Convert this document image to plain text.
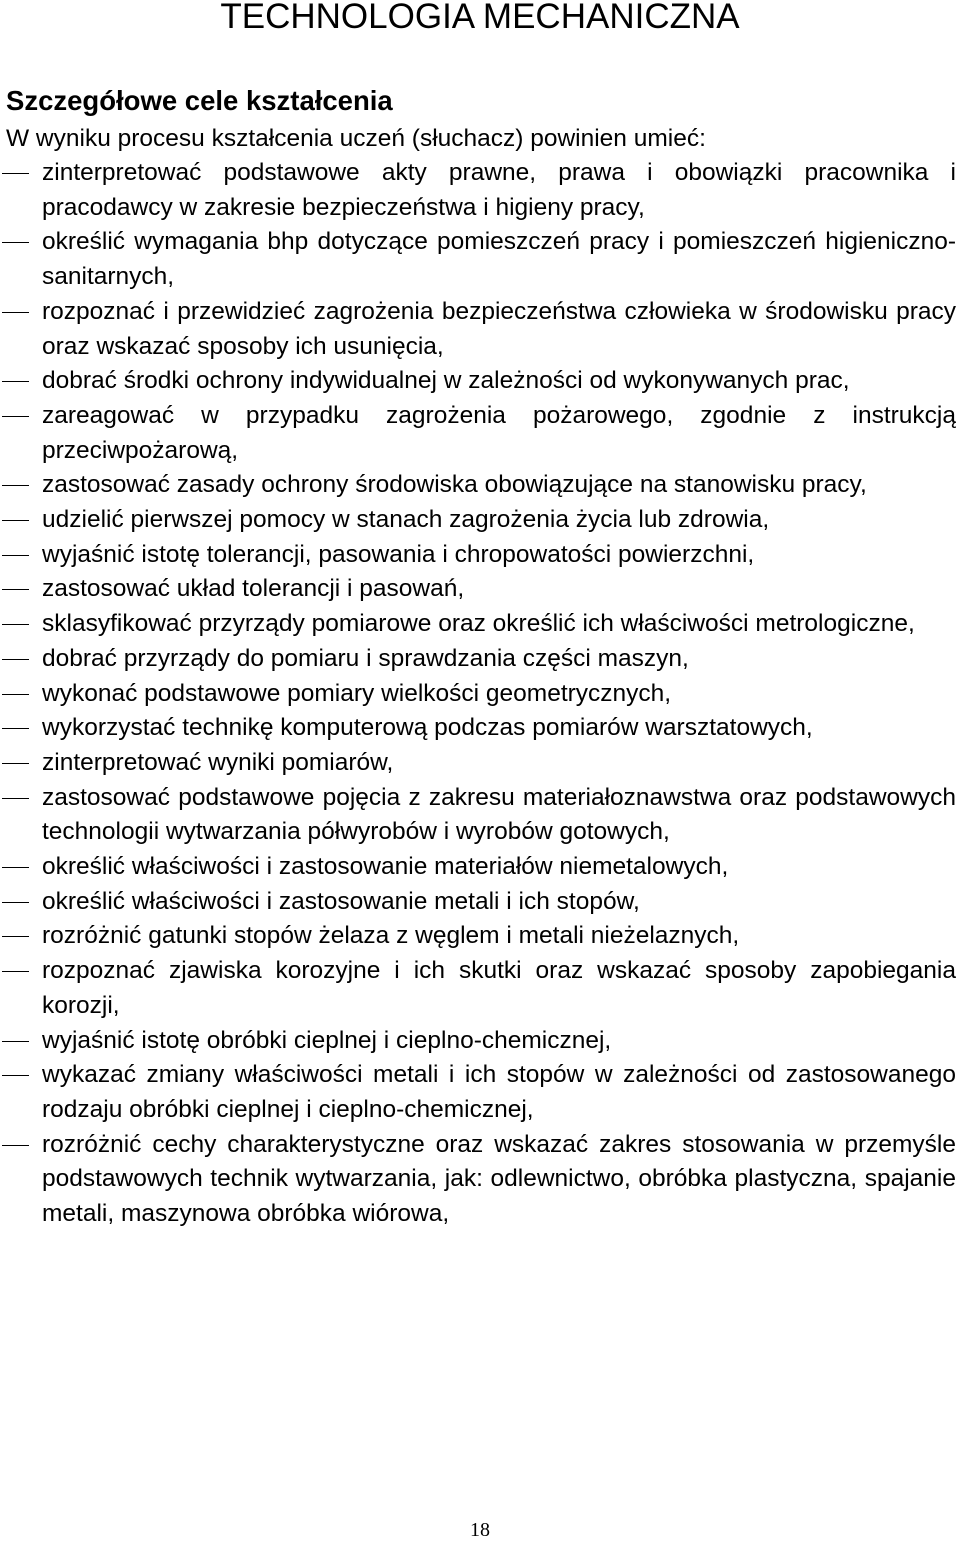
TECHNOLOGIA MECHANICZNA
Szczegółowe cele kształcenia

W wyniku procesu kształcenia uczeń (słuchacz) powinien umieć:

zinterpretować podstawowe akty prawne, prawa i obowiązki pracownika i pracodawcy w zakresie bezpieczeństwa i higieny pracy,
określić wymagania bhp dotyczące pomieszczeń pracy i pomieszczeń higieniczno-sanitarnych,
rozpoznać i przewidzieć zagrożenia bezpieczeństwa człowieka w środowisku pracy oraz wskazać sposoby ich usunięcia,
dobrać środki ochrony indywidualnej w zależności od wykonywanych prac,
zareagować w przypadku zagrożenia pożarowego, zgodnie z instrukcją przeciwpożarową,
zastosować zasady ochrony środowiska obowiązujące na stanowisku pracy,
udzielić pierwszej pomocy w stanach zagrożenia życia lub zdrowia,
wyjaśnić istotę tolerancji, pasowania i chropowatości powierzchni,
zastosować układ tolerancji i pasowań,
sklasyfikować przyrządy pomiarowe oraz określić ich właściwości metrologiczne,
dobrać przyrządy do pomiaru i sprawdzania części maszyn,
wykonać podstawowe pomiary wielkości geometrycznych,
wykorzystać technikę komputerową podczas pomiarów warsztatowych,
zinterpretować wyniki pomiarów,
zastosować podstawowe pojęcia z zakresu materiałoznawstwa oraz podstawowych technologii wytwarzania półwyrobów i wyrobów gotowych,
określić właściwości i zastosowanie materiałów niemetalowych,
określić właściwości i zastosowanie metali i ich stopów,
rozróżnić gatunki stopów żelaza z węglem i metali nieżelaznych,
rozpoznać zjawiska korozyjne i ich skutki oraz wskazać sposoby zapobiegania korozji,
wyjaśnić istotę obróbki cieplnej i cieplno-chemicznej,
wykazać zmiany właściwości metali i ich stopów w zależności od zastosowanego rodzaju obróbki cieplnej i cieplno-chemicznej,
rozróżnić cechy charakterystyczne oraz wskazać zakres stosowania w przemyśle podstawowych technik wytwarzania, jak: odlewnictwo, obróbka plastyczna, spajanie metali, maszynowa obróbka wiórowa,
18
